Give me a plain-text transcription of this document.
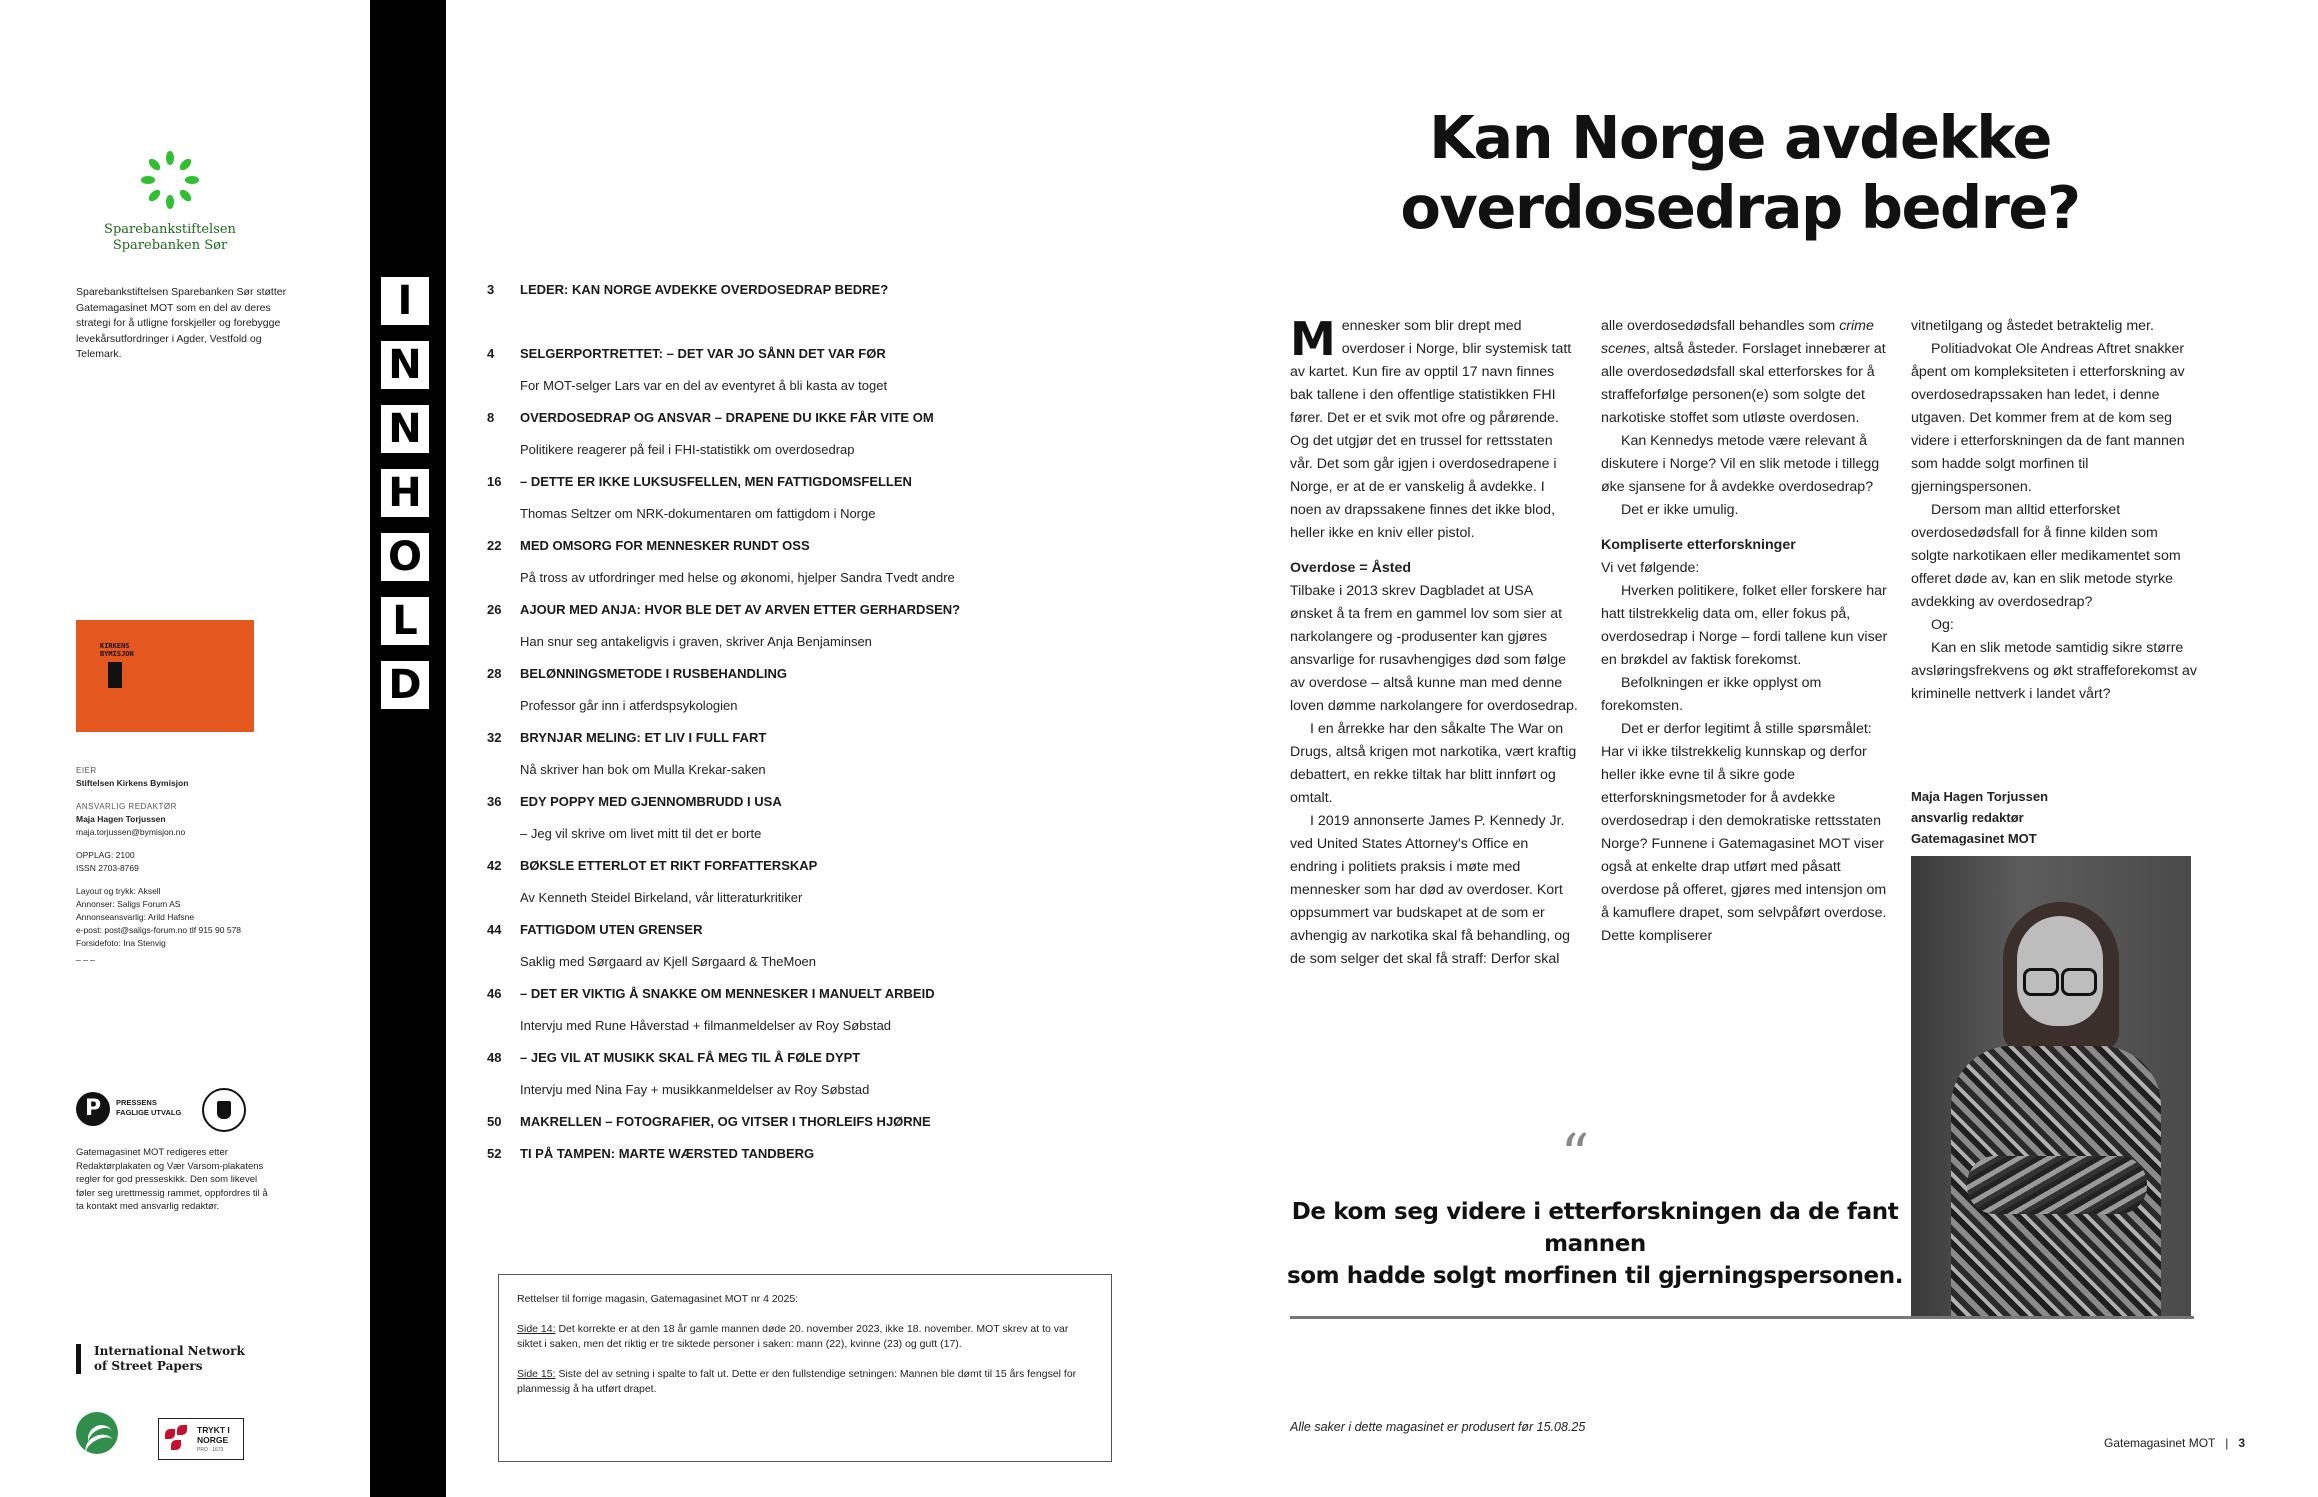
Sparebankstiftelsen
Sparebanken Sør
Sparebankstiftelsen Sparebanken Sør støtter Gatemagasinet MOT som en del av deres strategi for å utligne forskjeller og forebygge levekårsutfordringer i Agder, Vestfold og Telemark.
KIRKENS BYMISJON
EIER
Stiftelsen Kirkens Bymisjon
ANSVARLIG REDAKTØR
Maja Hagen Torjussen
maja.torjussen@bymisjon.no
OPPLAG: 2100
ISSN 2703-8769
Layout og trykk: Aksell
Annonser: Saligs Forum AS
Annonseansvarlig: Arild Hafsne
e-post: post@saligs-forum.no tlf 915 90 578
Forsidefoto: Ina Stenvig
_ _ _
P	PRESSENS
FAGLIGE UTVALG
Gatemagasinet MOT redigeres etter Redaktørplakaten og Vær Varsom-plakatens regler for god presseskikk. Den som likevel føler seg urettmessig rammet, oppfordres til å ta kontakt med ansvarlig redaktør.
International Network
of Street Papers
TRYKT I
NORGE
PRO · 1673
I
N
N
H
O
L
D
3 LEDER: KAN NORGE AVDEKKE OVERDOSEDRAP BEDRE?
4 SELGERPORTRETTET: – DET VAR JO SÅNN DET VAR FØR
For MOT-selger Lars var en del av eventyret å bli kasta av toget
8 OVERDOSEDRAP OG ANSVAR – DRAPENE DU IKKE FÅR VITE OM
Politikere reagerer på feil i FHI-statistikk om overdosedrap
16 – DETTE ER IKKE LUKSUSFELLEN, MEN FATTIGDOMSFELLEN
Thomas Seltzer om NRK-dokumentaren om fattigdom i Norge
22 MED OMSORG FOR MENNESKER RUNDT OSS
På tross av utfordringer med helse og økonomi, hjelper Sandra Tvedt andre
26 AJOUR MED ANJA: HVOR BLE DET AV ARVEN ETTER GERHARDSEN?
Han snur seg antakeligvis i graven, skriver Anja Benjaminsen
28 BELØNNINGSMETODE I RUSBEHANDLING
Professor går inn i atferdspsykologien
32 BRYNJAR MELING: ET LIV I FULL FART
Nå skriver han bok om Mulla Krekar-saken
36 EDY POPPY MED GJENNOMBRUDD I USA
– Jeg vil skrive om livet mitt til det er borte
42 BØKSLE ETTERLOT ET RIKT FORFATTERSKAP
Av Kenneth Steidel Birkeland, vår litteraturkritiker
44 FATTIGDOM UTEN GRENSER
Saklig med Sørgaard av Kjell Sørgaard & TheMoen
46 – DET ER VIKTIG Å SNAKKE OM MENNESKER I MANUELT ARBEID
Intervju med Rune Håverstad + filmanmeldelser av Roy Søbstad
48 – JEG VIL AT MUSIKK SKAL FÅ MEG TIL Å FØLE DYPT
Intervju med Nina Fay + musikkanmeldelser av Roy Søbstad
50 MAKRELLEN – FOTOGRAFIER, OG VITSER I THORLEIFS HJØRNE
52 TI PÅ TAMPEN: MARTE WÆRSTED TANDBERG
Rettelser til forrige magasin, Gatemagasinet MOT nr 4 2025:
Side 14: Det korrekte er at den 18 år gamle mannen døde 20. november 2023, ikke 18. november. MOT skrev at to var siktet i saken, men det riktig er tre siktede personer i saken: mann (22), kvinne (23) og gutt (17).
Side 15: Siste del av setning i spalte to falt ut. Dette er den fullstendige setningen: Mannen ble dømt til 15 års fengsel for planmessig å ha utført drapet.
Kan Norge avdekke
overdosedrap bedre?

Mennesker som blir drept med overdoser i Norge, blir systemisk tatt av kartet. Kun fire av opptil 17 navn finnes bak tallene i den offentlige statistikken FHI fører. Det er et svik mot ofre og pårørende. Og det utgjør det en trussel for rettsstaten vår. Det som går igjen i overdosedrapene i Norge, er at de er vanskelig å avdekke. I noen av drapssakene finnes det ikke blod, heller ikke en kniv eller pistol.

Overdose = Åsted

Tilbake i 2013 skrev Dagbladet at USA ønsket å ta frem en gammel lov som sier at narkolangere og -produsenter kan gjøres ansvarlige for rusavhengiges død som følge av overdose – altså kunne man med denne loven dømme narkolangere for overdosedrap.

I en årrekke har den såkalte The War on Drugs, altså krigen mot narkotika, vært kraftig debattert, en rekke tiltak har blitt innført og omtalt.

I 2019 annonserte James P. Kennedy Jr. ved United States Attorney's Office en endring i politiets praksis i møte med mennesker som har død av overdoser. Kort oppsummert var budskapet at de som er avhengig av narkotika skal få behandling, og de som selger det skal få straff: Derfor skal

alle overdosedødsfall behandles som crime scenes, altså åsteder. Forslaget innebærer at alle overdosedødsfall skal etterforskes for å straffeforfølge personen(e) som solgte det narkotiske stoffet som utløste overdosen.

Kan Kennedys metode være relevant å diskutere i Norge? Vil en slik metode i tillegg øke sjansene for å avdekke overdosedrap?

Det er ikke umulig.

Kompliserte etterforskninger

Vi vet følgende:

Hverken politikere, folket eller forskere har hatt tilstrekkelig data om, eller fokus på, overdosedrap i Norge – fordi tallene kun viser en brøkdel av faktisk forekomst.

Befolkningen er ikke opplyst om forekomsten.

Det er derfor legitimt å stille spørsmålet: Har vi ikke tilstrekkelig kunnskap og derfor heller ikke evne til å sikre gode etterforskningsmetoder for å avdekke overdosedrap i den demokratiske rettsstaten Norge? Funnene i Gatemagasinet MOT viser også at enkelte drap utført med påsatt overdose på offeret, gjøres med intensjon om å kamuflere drapet, som selvpåført overdose. Dette kompliserer

vitnetilgang og åstedet betraktelig mer.

Politiadvokat Ole Andreas Aftret snakker åpent om kompleksiteten i etterforskning av overdosedrapssaken han ledet, i denne utgaven. Det kommer frem at de kom seg videre i etterforskningen da de fant mannen som hadde solgt morfinen til gjerningspersonen.

Dersom man alltid etterforsket overdosedødsfall for å finne kilden som solgte narkotikaen eller medikamentet som offeret døde av, kan en slik metode styrke avdekking av overdosedrap?

Og:

Kan en slik metode samtidig sikre større avsløringsfrekvens og økt straffeforekomst av kriminelle nettverk i landet vårt?

Maja Hagen Torjussen
ansvarlig redaktør
Gatemagasinet MOT
“
De kom seg videre i etterforskningen da de fant mannen
som hadde solgt morfinen til gjerningspersonen.
Alle saker i dette magasinet er produsert før 15.08.25
Gatemagasinet MOT | 3
